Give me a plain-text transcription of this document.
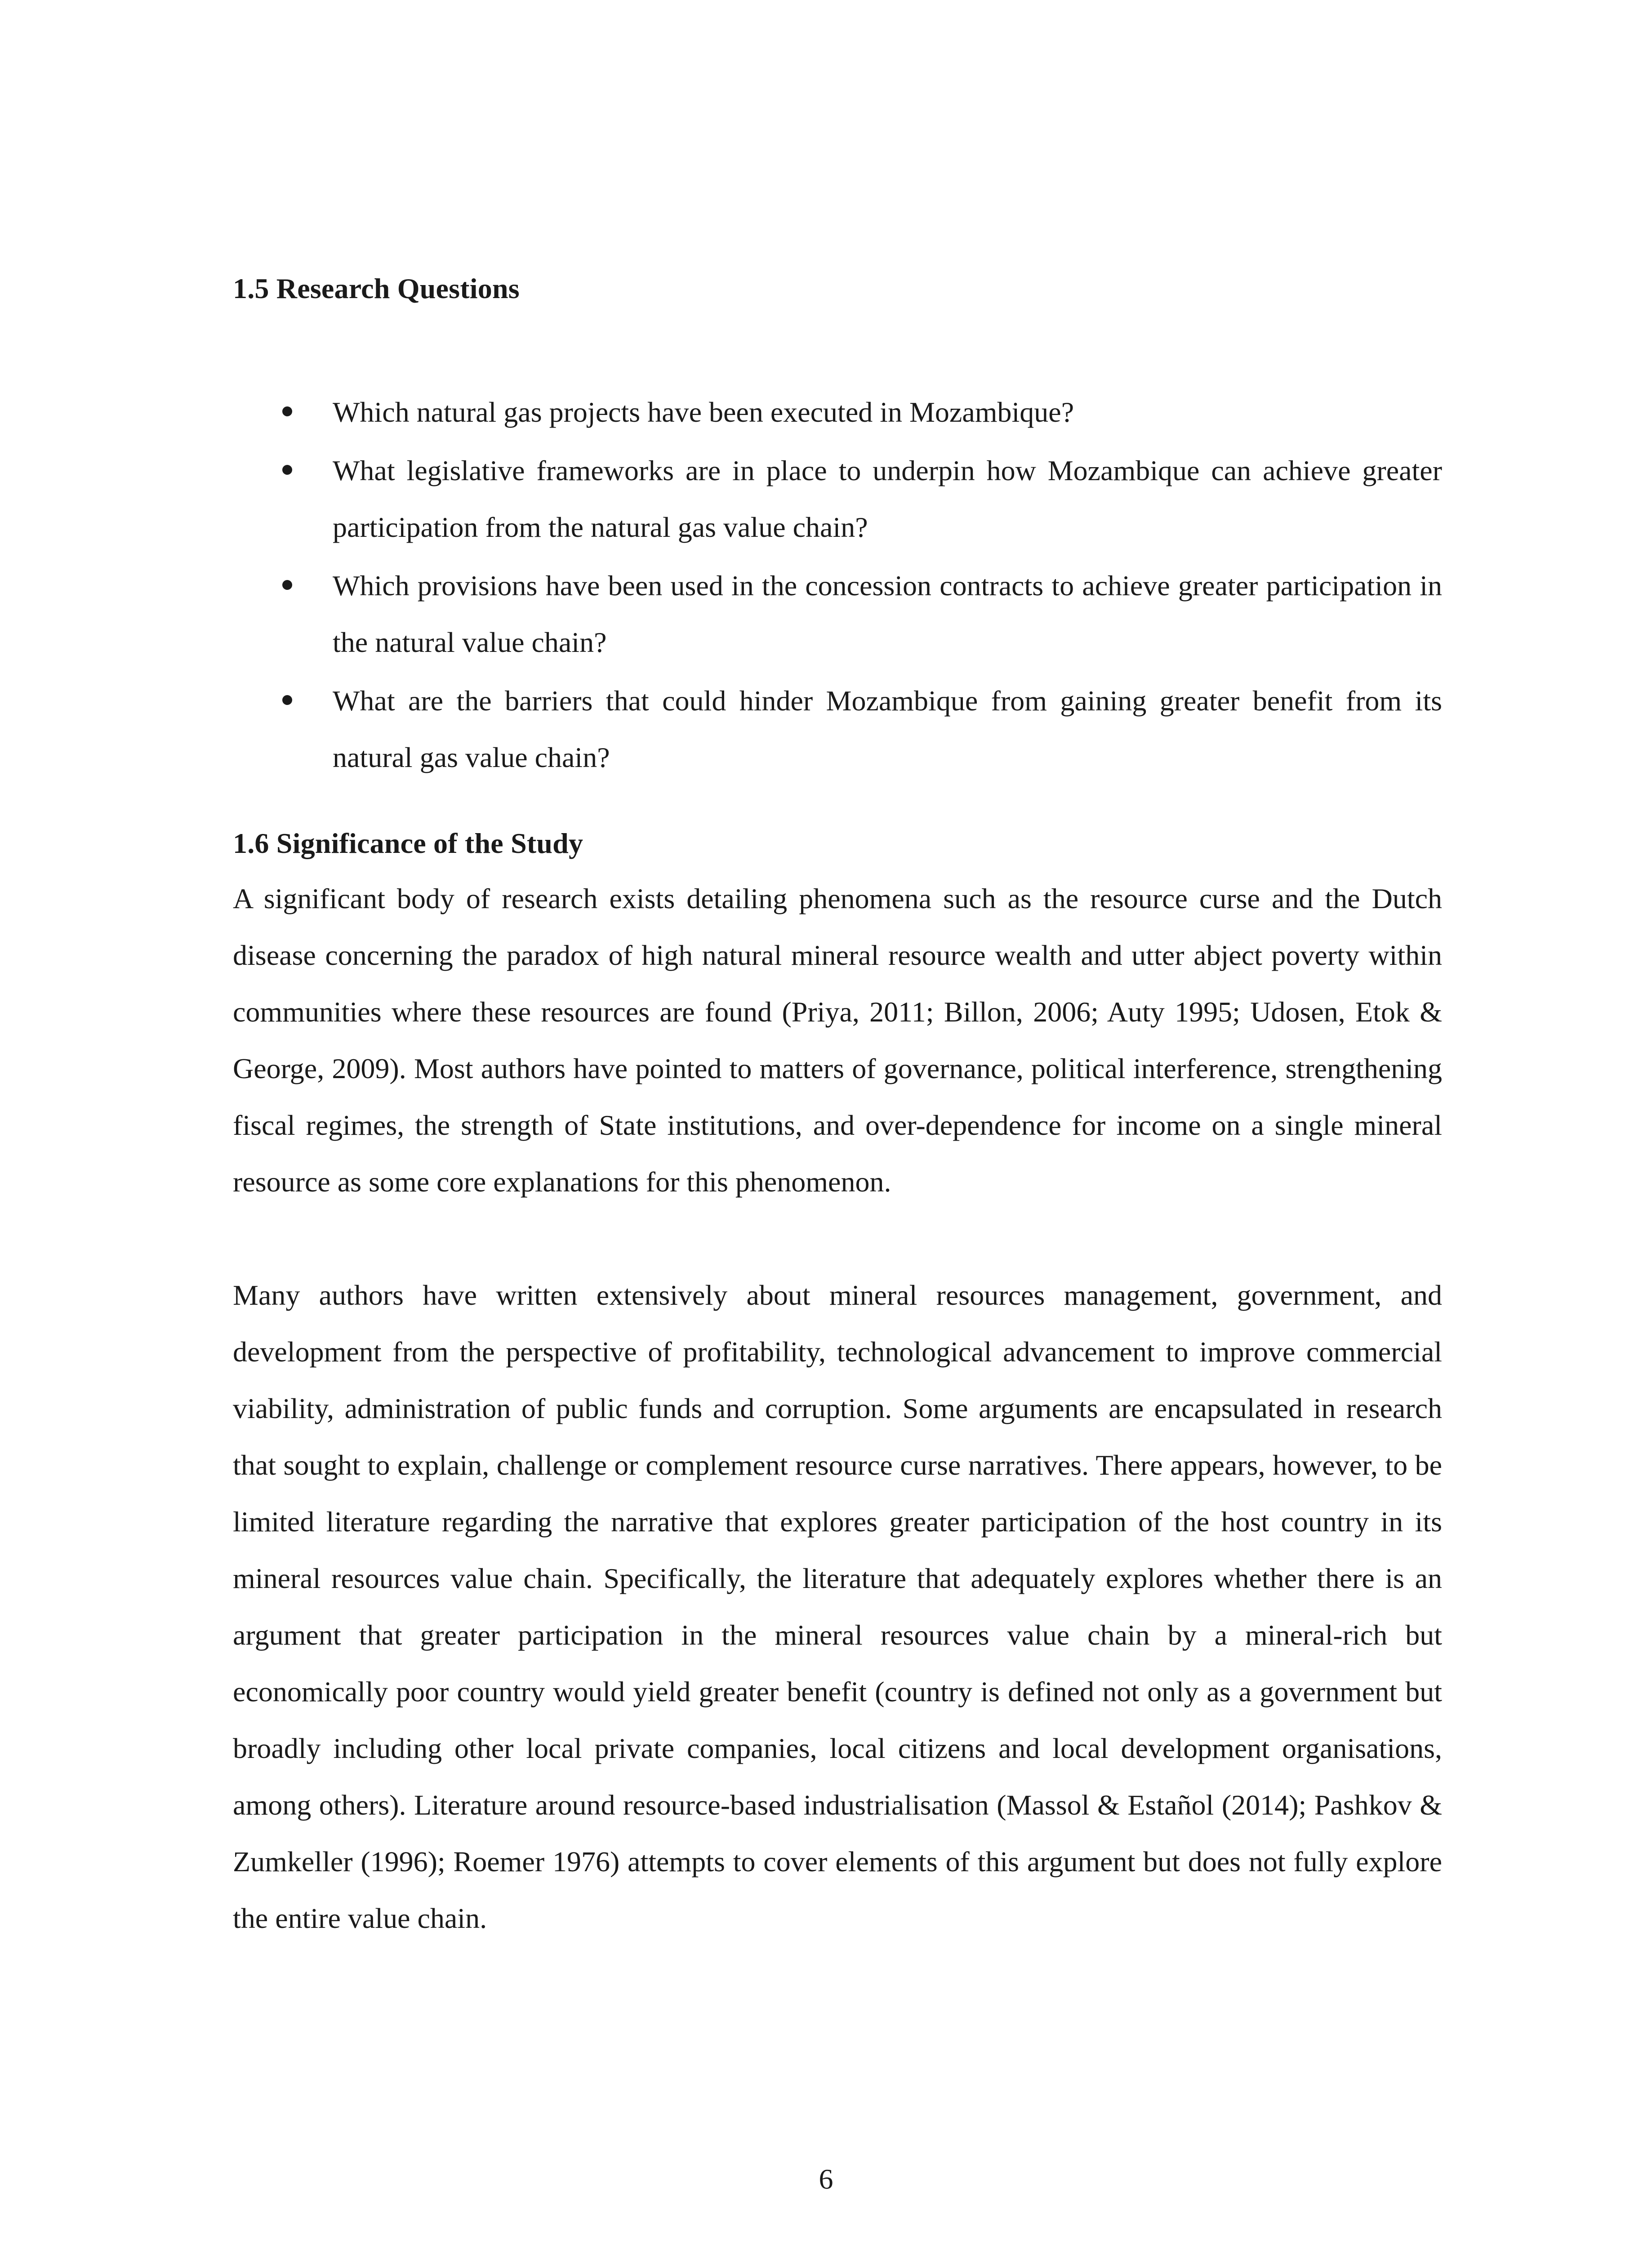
1.5 Research Questions
Which natural gas projects have been executed in Mozambique?
What legislative frameworks are in place to underpin how Mozambique can achieve greater participation from the natural gas value chain?
Which provisions have been used in the concession contracts to achieve greater participation in the natural value chain?
What are the barriers that could hinder Mozambique from gaining greater benefit from its natural gas value chain?
1.6 Significance of the Study

A significant body of research exists detailing phenomena such as the resource curse and the Dutch disease concerning the paradox of high natural mineral resource wealth and utter abject poverty within communities where these resources are found (Priya, 2011; Billon, 2006; Auty 1995; Udosen, Etok & George, 2009). Most authors have pointed to matters of governance, political interference, strengthening fiscal regimes, the strength of State institutions, and over-dependence for income on a single mineral resource as some core explanations for this phenomenon.

Many authors have written extensively about mineral resources management, government, and development from the perspective of profitability, technological advancement to improve commercial viability, administration of public funds and corruption. Some arguments are encapsulated in research that sought to explain, challenge or complement resource curse narratives. There appears, however, to be limited literature regarding the narrative that explores greater participation of the host country in its mineral resources value chain. Specifically, the literature that adequately explores whether there is an argument that greater participation in the mineral resources value chain by a mineral-rich but economically poor country would yield greater benefit (country is defined not only as a government but broadly including other local private companies, local citizens and local development organisations, among others). Literature around resource-based industrialisation (Massol & Estañol (2014); Pashkov & Zumkeller (1996); Roemer 1976) attempts to cover elements of this argument but does not fully explore the entire value chain.

6
